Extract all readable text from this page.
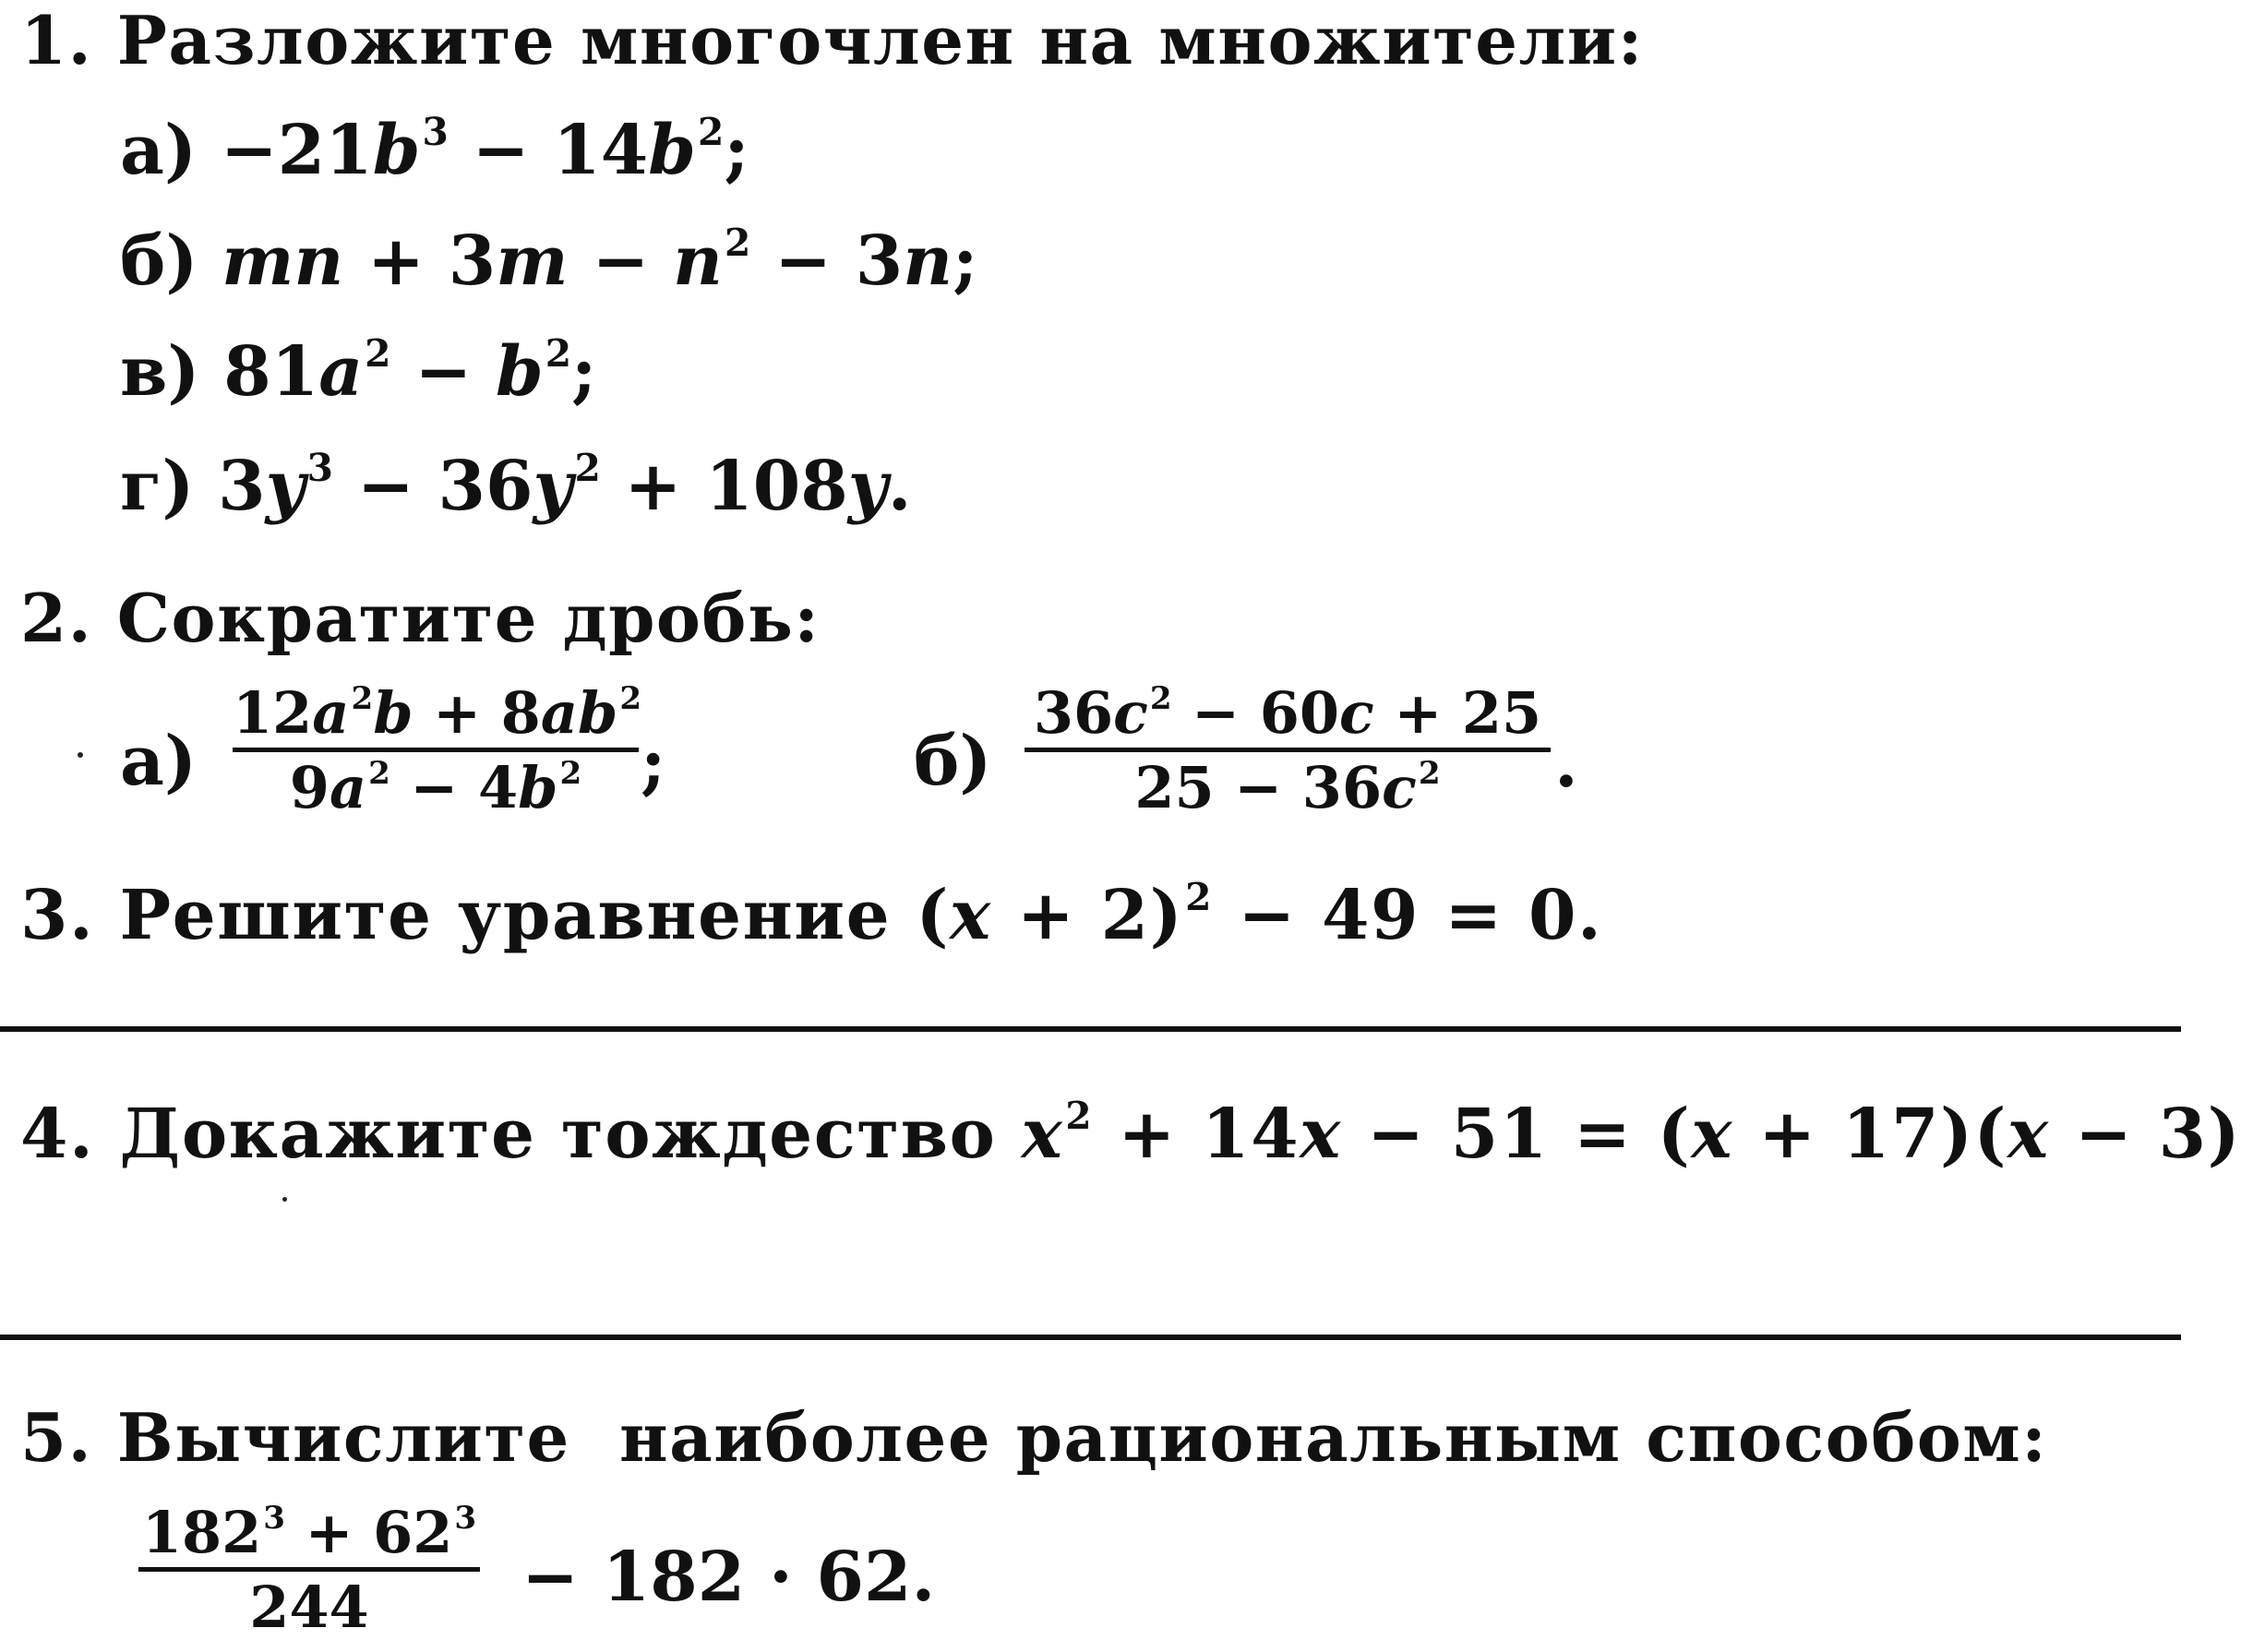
1. Разложите многочлен на множители:
$а) -21b^3 - 14b^2$;
б) mn + $3m - n^2 - 3n$;
в) $81a^2 - b^2$;
г) $3y^3 - 36y^2 + 108y$.
2. Сократите дробь:
а)
$12a^2b + 8ab^2$
$9a^2 - 4b^2$ ;	б)
$36c^2 - 60c + 25$
$25 - 36c^2$	.
3. Решите уравнение $(x + 2)^2 - 49 = 0$.
4. Докажите тождество $x^2 + 14x - 51 = (x + 17)(x - 3)$
5. Вычислите  наиболее рациональным способом:
$182^3 + 62^3$
244	− 182 · 62.
